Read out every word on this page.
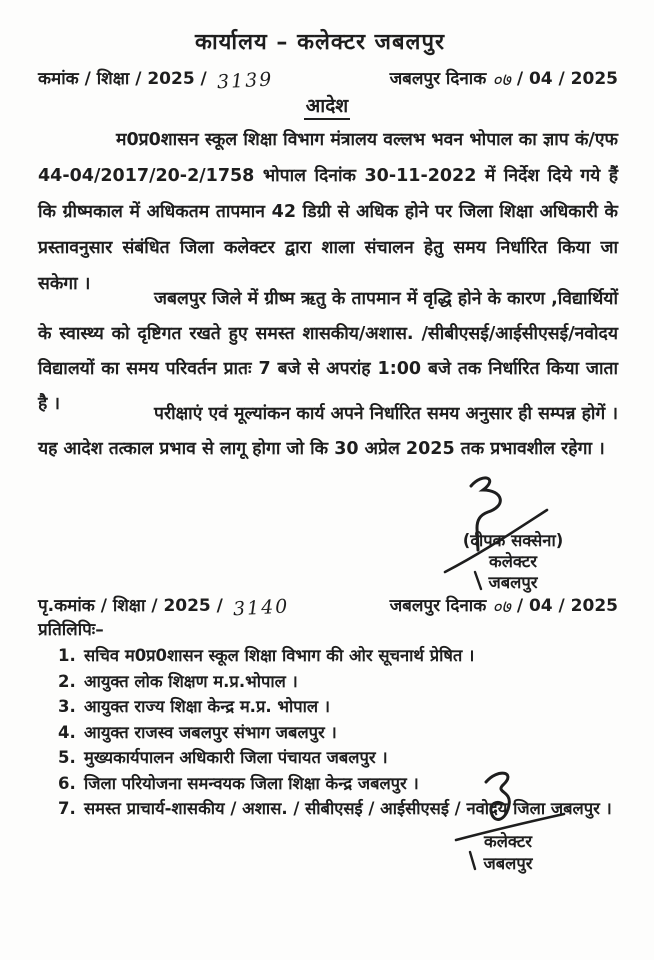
कार्यालय – कलेक्टर जबलपुर
कमांक / शिक्षा / 2025 / 3139	जबलपुर दिनाक ०७ / 04 / 2025
आदेश
म0प्र0शासन स्कूल शिक्षा विभाग मंत्रालय वल्लभ भवन भोपाल का ज्ञाप कं/एफ 44-04/2017/20-2/1758 भोपाल दिनांक 30-11-2022 में निर्देश दिये गये हैं कि ग्रीष्मकाल में अधिकतम तापमान 42 डिग्री से अधिक होने पर जिला शिक्षा अधिकारी के प्रस्तावनुसार संबंधित जिला कलेक्टर द्वारा शाला संचालन हेतु समय निर्धारित किया जा सकेगा ।
जबलपुर जिले में ग्रीष्म ऋतु के तापमान में वृद्धि होने के कारण ,विद्यार्थियों के स्वास्थ्य को दृष्टिगत रखते हुए समस्त शासकीय/अशास. /सीबीएसई/आईसीएसई/नवोदय विद्यालयों का समय परिवर्तन प्रातः 7 बजे से अपरांह 1:00 बजे तक निर्धारित किया जाता है ।	परीक्षाएं एवं मूल्यांकन कार्य अपने निर्धारित समय अनुसार ही सम्पन्न होगें । यह आदेश तत्काल प्रभाव से लागू होगा जो कि 30 अप्रेल 2025 तक प्रभावशील रहेगा ।
(दीपक सक्सेना)
कलेक्टर
जबलपुर
पृ.कमांक / शिक्षा / 2025 / 3140	जबलपुर दिनाक ०७ / 04 / 2025
प्रतिलिपिः–
1. सचिव म0प्र0शासन स्कूल शिक्षा विभाग की ओर सूचनार्थ प्रेषित ।
2. आयुक्त लोक शिक्षण म.प्र.भोपाल ।
3. आयुक्त राज्य शिक्षा केन्द्र म.प्र. भोपाल ।
4. आयुक्त राजस्व जबलपुर संभाग जबलपुर ।
5. मुख्यकार्यपालन अधिकारी जिला पंचायत जबलपुर ।
6. जिला परियोजना समन्वयक जिला शिक्षा केन्द्र जबलपुर ।
7. समस्त प्राचार्य-शासकीय / अशास. / सीबीएसई / आईसीएसई / नवोदय जिला जबलपुर ।
कलेक्टर
जबलपुर
